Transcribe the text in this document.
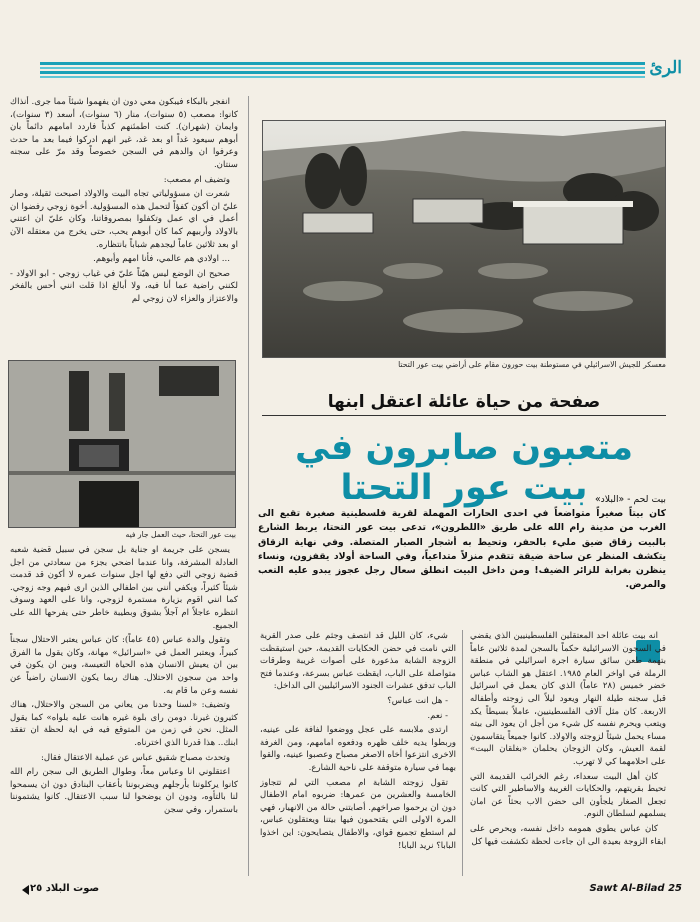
الرئ
معسكر للجيش الاسرائيلي في مستوطنة بيت حورون مقام على أراضي بيت عور التحتا
بيت عور التحتا، حيث العمل جار فيه
صفحة من حياة عائلة اعتقل ابنها
متعبون صابرون في بيت عور التحتا بيت لحم - «البلاد»
كان بيتاً صغيراً متواضعاً في احدى الحارات المهملة لقرية فلسطينية صغيرة تقبع الى الغرب من مدينة رام الله على طريق «اللطرون»، تدعى بيت عور التحتا، يربط الشارع بالبيت زقاق ضيق مليء بالحفر، وتحيط به أشجار الصبار المتصلة. وفي نهاية الزقاق يتكشف المنظر عن ساحة ضيقة تتقدم منزلاً متداعياً، وفي الساحة أولاد يقفزون، ونساء ينظرن بغرابة للزائر الضيف! ومن داخل البيت انطلق سعال رجل عجوز يبدو عليه التعب والمرض.

انفجر بالبكاء فيبكون معي دون ان يفهموا شيئاً مما جرى. أنذاك كانوا: مصعب (٥ سنوات)، منار (٦ سنوات)، أسعد (٣ سنوات)، وايمان (شهران). كنت اطمئنهم كذباً فاردد امامهم دائماً بان أبوهم سيعود غداً او بعد غد، غير انهم ادركوا فيما بعد ما حدث وعرفوا ان والدهم في السجن خصوصاً وقد مرّ على سجنه سنتان.

وتضيف ام مصعب:

شعرت ان مسؤولياتي تجاه البيت والاولاد اصبحت ثقيلة، وصار عليّ ان أكون كفؤاً لتحمل هذه المسؤولية. أخوة زوجي رفضوا ان أعمل في اي عمل وتكفلوا بمصروفاتنا، وكان عليّ ان اعتني بالاولاد وأربيهم كما كان أبوهم يحب، حتى يخرج من معتقله الآن او بعد ثلاثين عاماً ليجدهم شباباً بانتظاره.

... اولادي هم عالمي، فأنا امهم وأبوهم.

صحيح ان الوضع ليس هيّناً عليّ في غياب زوجي - ابو الاولاد - لكنني راضية عما أنا فيه، ولا أبالغ اذا قلت انني أحس بالفخر والاعتزاز والعزاء لان زوجي لم

يسجن على جريمة او جناية بل سجن في سبيل قضية شعبه العادلة المشرفة، وانا عندما اضحي بجزء من سعادتي من اجل قضية زوجي التي دفع لها اجل سنوات عمره لا أكون قد قدمت شيئاً كثيراً، ويكفي أنني بين اطفالي الذين ارى فيهم وجه زوجي. كما انني اقوم بزيارة مستمرة لزوجي، وانا على العهد وسوف انتظره عاجلاً ام آجلاً بشوق وبطيبة خاطر حتى يفرحها الله على الجميع.

وتقول والدة عباس (٤٥ عاماً): كان عباس يعتبر الاحتلال سجناً كبيراً، ويعتبر العمل في «اسرائيل» مهانة، وكان يقول ما الفرق بين ان يعيش الانسان هذه الحياة التعيسة، وبين ان يكون في واحد من سجون الاحتلال. هناك ربما يكون الانسان راضياً عن نفسه وعن ما قام به.

وتضيف: «لسنا وحدنا من يعاني من السجن والاحتلال، هناك كثيرون غيرنا. دومن راى بلوة غيره هانت عليه بلواه» كما يقول المثل. نحن في زمن من المتوقع فيه في اية لحظة ان تفقد ابنك.. هذا قدرنا الذي اخترناه.

وتحدث مصباح شقيق عباس عن عملية الاعتقال فقال:

اعتقلوني انا وعباس معاً، وطوال الطريق الى سجن رام الله كانوا يركلوننا بأرجلهم ويضربوننا بأعقاب البنادق دون ان يسمحوا لنا بالتأوه، ودون ان يوضحوا لنا سبب الاعتقال. كانوا يشتموننا باستمرار، وفي سجن

شيء، كان الليل قد انتصف وجثم على صدر القرية التي نامت في حضن الحكايات القديمة، حين استيقظت الزوجة الشابة مذعورة على أصوات غريبة وطرقات متواصلة على الباب، ايقظت عباس بسرعة، وعندما فتح الباب تدفق عشرات الجنود الاسرائيليين الى الداخل:

- هل انت عباس؟

- نعم.

ارتدى ملابسه على عجل ووضعوا لفافة على عينيه، وربطوا يديه خلف ظهره ودفعوه امامهم، ومن الغرفة الاخرى انتزعوا أخاه الاصغر مصباح وعصبوا عينيه، والقوا بهما في سيارة متوقفة على ناحية الشارع.

تقول زوجته الشابة ام مصعب التي لم تتجاوز الخامسة والعشرين من عمرها: ضربوه امام الاطفال دون ان يرحموا صراخهم. أصابتني حالة من الانهيار، فهي المرة الاولى التي يقتحمون فيها بيتنا ويعتقلون عباس، لم استطع تجميع قواي، والاطفال يتصايحون: اين اخذوا البابا؟ نريد البابا!

انه بيت عائلة احد المعتقلين الفلسطينيين الذي يقضي في السجون الاسرائيلية حكماً بالسجن لمدة ثلاثين عاماً بتهمة طعن سائق سيارة اجرة اسرائيلي في منطقة الرملة في اواخر العام ١٩٨٥. اعتقل هو الشاب عباس خضر خميس (٢٨ عاماً) الذي كان يعمل في اسرائيل قبل سجنه طيلة النهار ويعود ليلاً الى زوجته وأطفاله الاربعة. كان مثل آلاف الفلسطينيين، عاملاً بسيطاً يكد ويتعب ويحرم نفسه كل شيء من أجل ان يعود الى بيته مساء يحمل شيئاً لزوجته والاولاد. كانوا جميعاً يتقاسمون لقمة العيش، وكان الزوجان يحلمان «بغلقان البيت» على احلامهما كي لا تهرب.

كان أهل البيت سعداء، رغم الخرائب القديمة التي تحيط بقريتهم، والحكايات الغريبة والاساطير التي كانت تجعل الصغار يلجأون الى حضن الاب بحثاً عن امان يسلمهم لسلطان النوم.

كان عباس يطوي همومه داخل نفسه، ويحرص على ابقاء الزوجة بعيدة الى ان جاءت لحظة تكشفت فيها كل

صوت البلاد ٢٥	Sawt Al-Bilad 25
